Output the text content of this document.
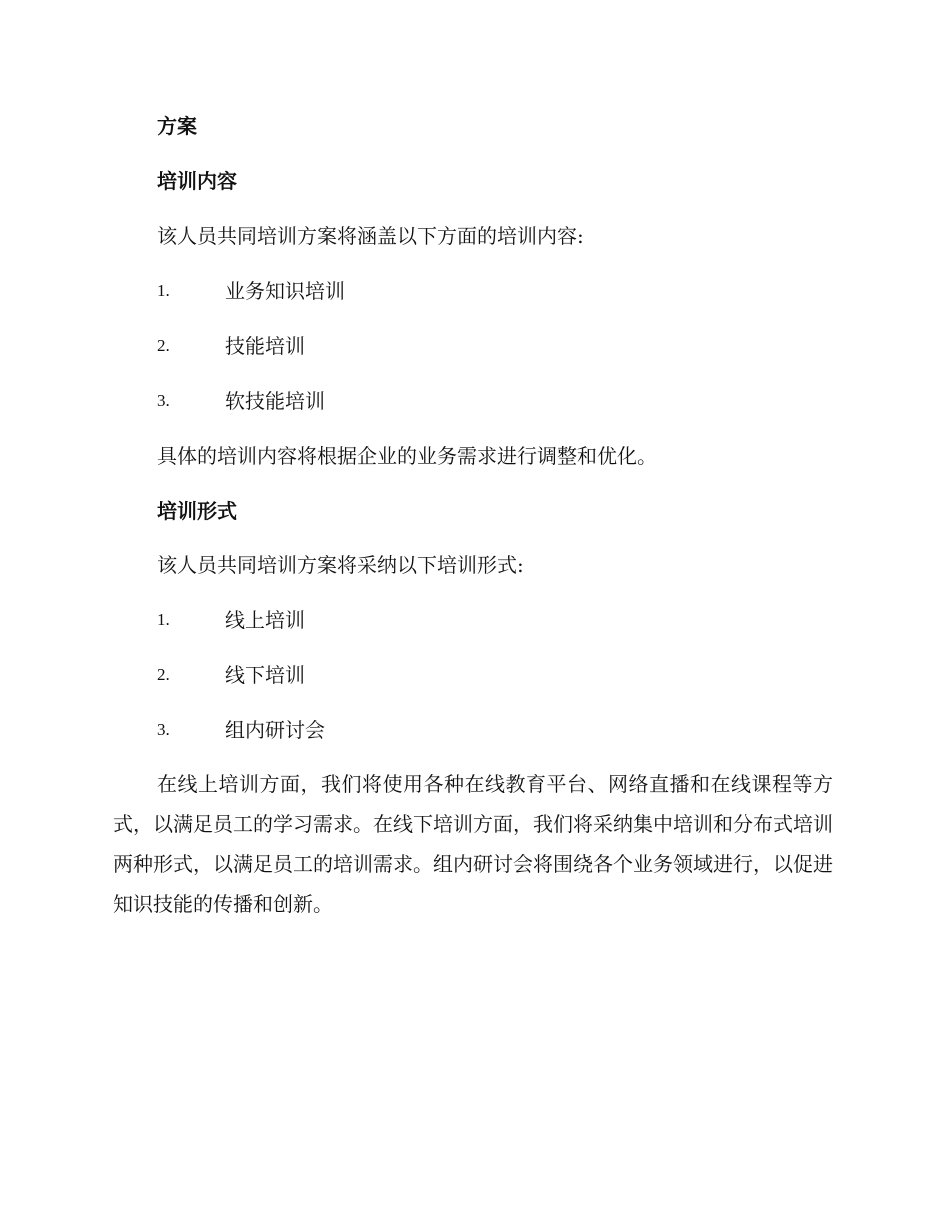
方案
培训内容
该人员共同培训方案将涵盖以下方面的培训内容:
1.	业务知识培训
2.	技能培训
3.	软技能培训
具体的培训内容将根据企业的业务需求进行调整和优化。
培训形式
该人员共同培训方案将采纳以下培训形式:
1.	线上培训
2.	线下培训
3.	组内研讨会
在线上培训方面，我们将使用各种在线教育平台、网络直播和在线课程等方式，以满足员工的学习需求。在线下培训方面，我们将采纳集中培训和分布式培训两种形式，以满足员工的培训需求。组内研讨会将围绕各个业务领域进行，以促进知识技能的传播和创新。
